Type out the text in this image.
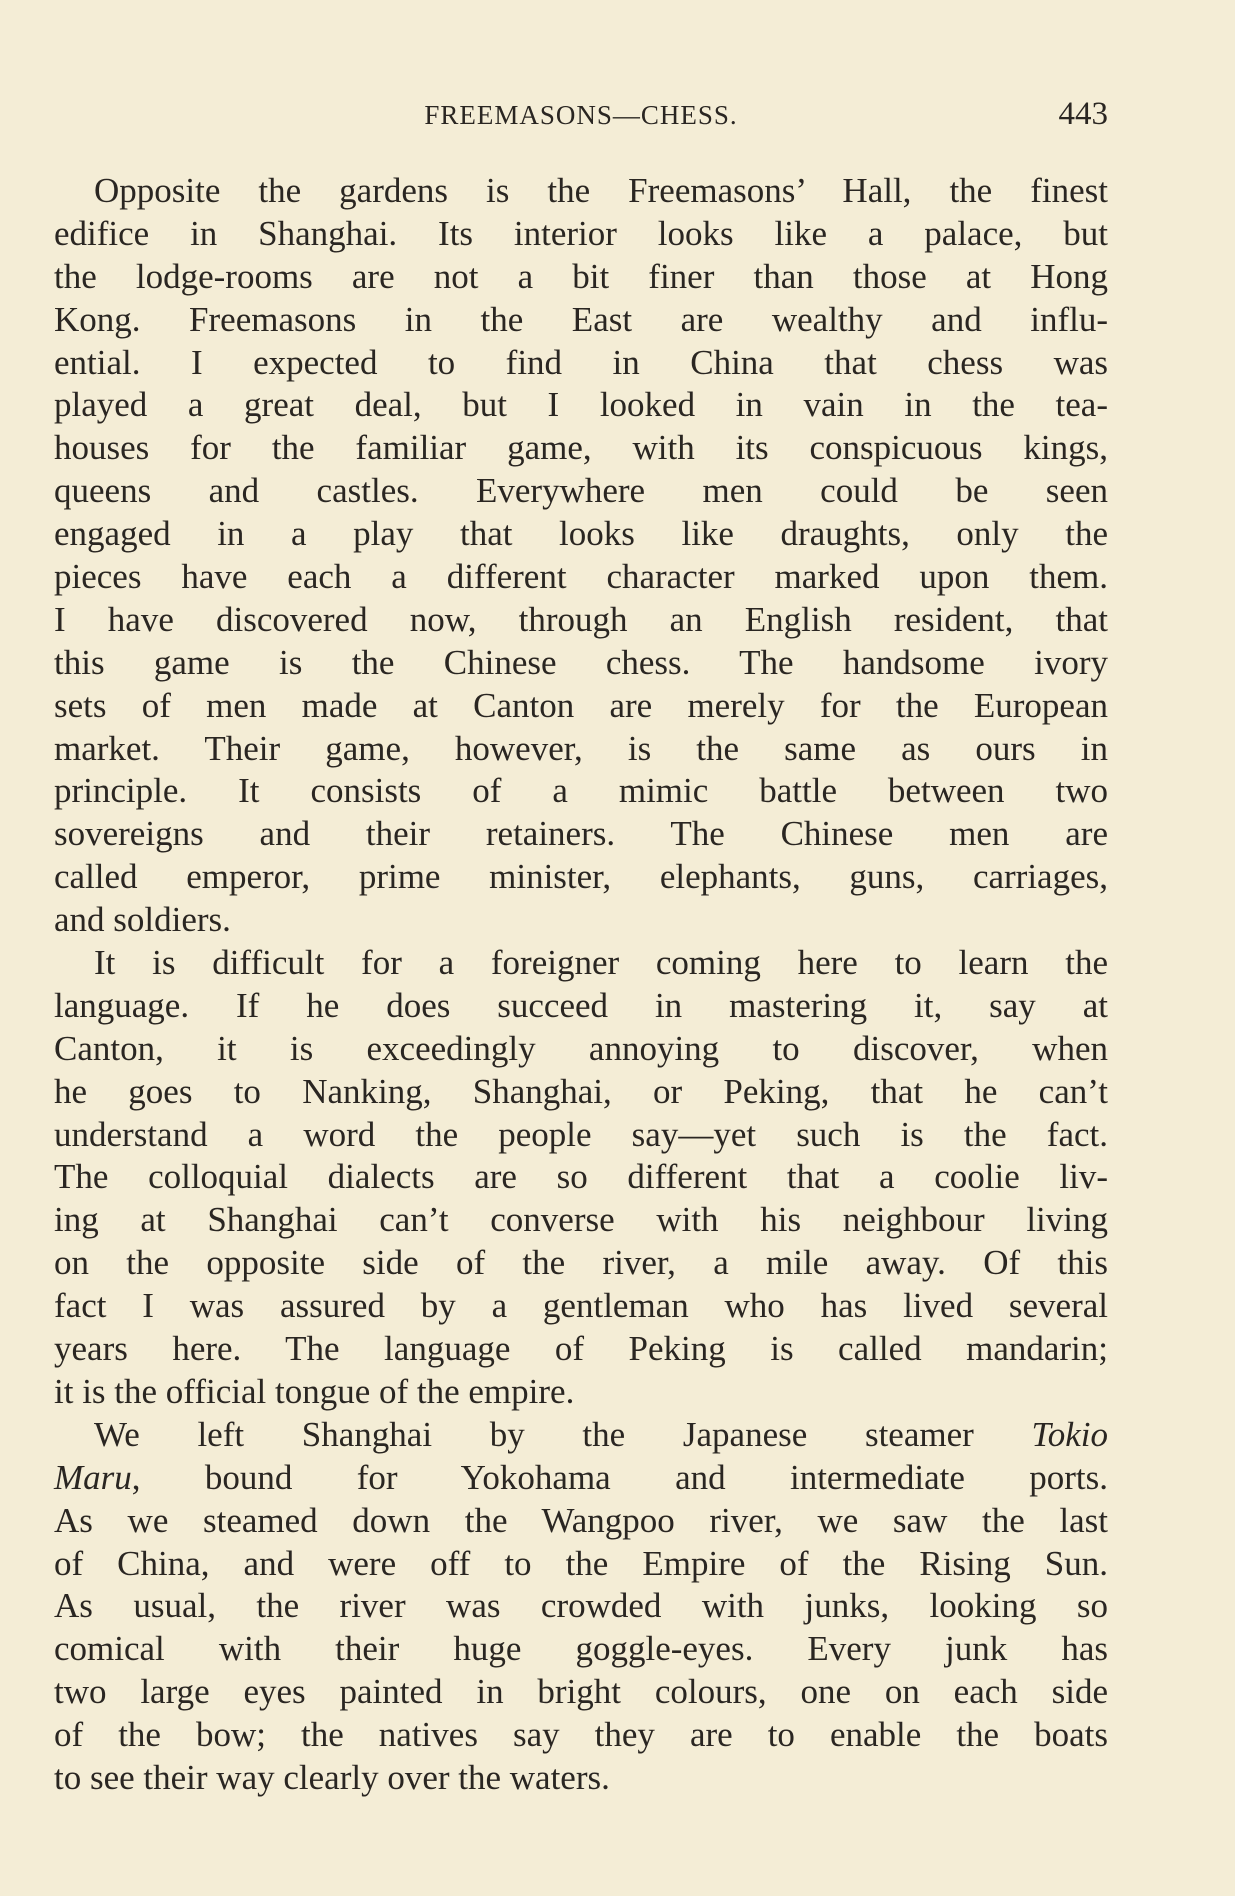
FREEMASONS—CHESS.	443
Opposite the gardens is the Freemasons’ Hall, the finest
edifice in Shanghai. Its interior looks like a palace, but
the lodge-rooms are not a bit finer than those at Hong
Kong. Freemasons in the East are wealthy and influ-
ential. I expected to find in China that chess was
played a great deal, but I looked in vain in the tea-
houses for the familiar game, with its conspicuous kings,
queens and castles. Everywhere men could be seen
engaged in a play that looks like draughts, only the
pieces have each a different character marked upon them.
I have discovered now, through an English resident, that
this game is the Chinese chess. The handsome ivory
sets of men made at Canton are merely for the European
market. Their game, however, is the same as ours in
principle. It consists of a mimic battle between two
sovereigns and their retainers. The Chinese men are
called emperor, prime minister, elephants, guns, carriages,
and soldiers.
It is difficult for a foreigner coming here to learn the
language. If he does succeed in mastering it, say at
Canton, it is exceedingly annoying to discover, when
he goes to Nanking, Shanghai, or Peking, that he can’t
understand a word the people say—yet such is the fact.
The colloquial dialects are so different that a coolie liv-
ing at Shanghai can’t converse with his neighbour living
on the opposite side of the river, a mile away. Of this
fact I was assured by a gentleman who has lived several
years here. The language of Peking is called mandarin;
it is the official tongue of the empire.
We left Shanghai by the Japanese steamer Tokio
Maru, bound for Yokohama and intermediate ports.
As we steamed down the Wangpoo river, we saw the last
of China, and were off to the Empire of the Rising Sun.
As usual, the river was crowded with junks, looking so
comical with their huge goggle-eyes. Every junk has
two large eyes painted in bright colours, one on each side
of the bow; the natives say they are to enable the boats
to see their way clearly over the waters.
